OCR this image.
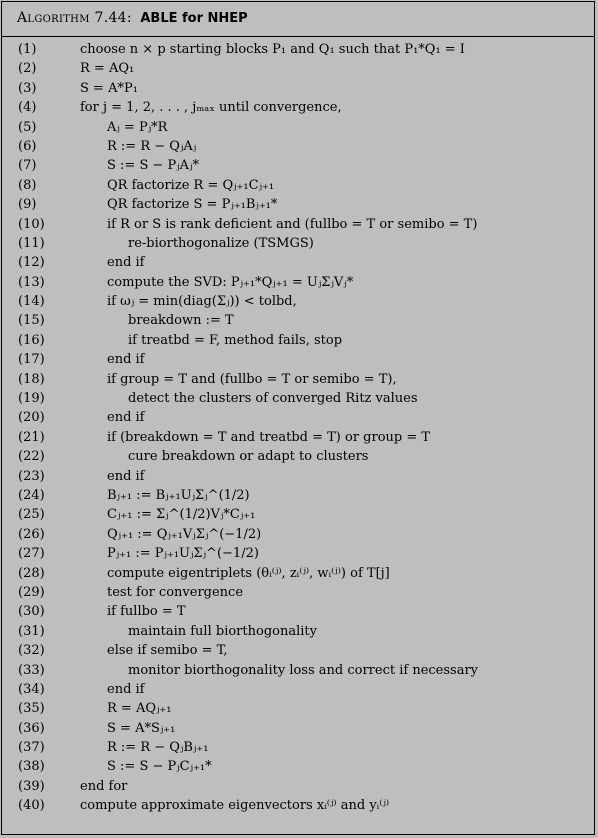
Algorithm 7.44: ABLE for NHEP
(1)	choose n × p starting blocks P₁ and Q₁ such that P₁*Q₁ = I
(2)	R = AQ₁
(3)	S = A*P₁
(4)	for j = 1, 2, . . . , jₘₐₓ until convergence,
(5)	Aⱼ = Pⱼ*R
(6)	R := R − QⱼAⱼ
(7)	S := S − PⱼAⱼ*
(8)	QR factorize R = Qⱼ₊₁Cⱼ₊₁
(9)	QR factorize S = Pⱼ₊₁Bⱼ₊₁*
(10)	if R or S is rank deficient and (fullbo = T or semibo = T)
(11)	re-biorthogonalize (TSMGS)
(12)	end if
(13)	compute the SVD: Pⱼ₊₁*Qⱼ₊₁ = UⱼΣⱼVⱼ*
(14)	if ωⱼ = min(diag(Σⱼ)) < tolbd,
(15)	breakdown := T
(16)	if treatbd = F, method fails, stop
(17)	end if
(18)	if group = T and (fullbo = T or semibo = T),
(19)	detect the clusters of converged Ritz values
(20)	end if
(21)	if (breakdown = T and treatbd = T) or group = T
(22)	cure breakdown or adapt to clusters
(23)	end if
(24)	Bⱼ₊₁ := Bⱼ₊₁UⱼΣⱼ^(1/2)
(25)	Cⱼ₊₁ := Σⱼ^(1/2)Vⱼ*Cⱼ₊₁
(26)	Qⱼ₊₁ := Qⱼ₊₁VⱼΣⱼ^(−1/2)
(27)	Pⱼ₊₁ := Pⱼ₊₁UⱼΣⱼ^(−1/2)
(28)	compute eigentriplets (θᵢ⁽ʲ⁾, zᵢ⁽ʲ⁾, wᵢ⁽ʲ⁾) of T[j]
(29)	test for convergence
(30)	if fullbo = T
(31)	maintain full biorthogonality
(32)	else if semibo = T,
(33)	monitor biorthogonality loss and correct if necessary
(34)	end if
(35)	R = AQⱼ₊₁
(36)	S = A*Sⱼ₊₁
(37)	R := R − QⱼBⱼ₊₁
(38)	S := S − PⱼCⱼ₊₁*
(39)	end for
(40)	compute approximate eigenvectors xᵢ⁽ʲ⁾ and yᵢ⁽ʲ⁾
